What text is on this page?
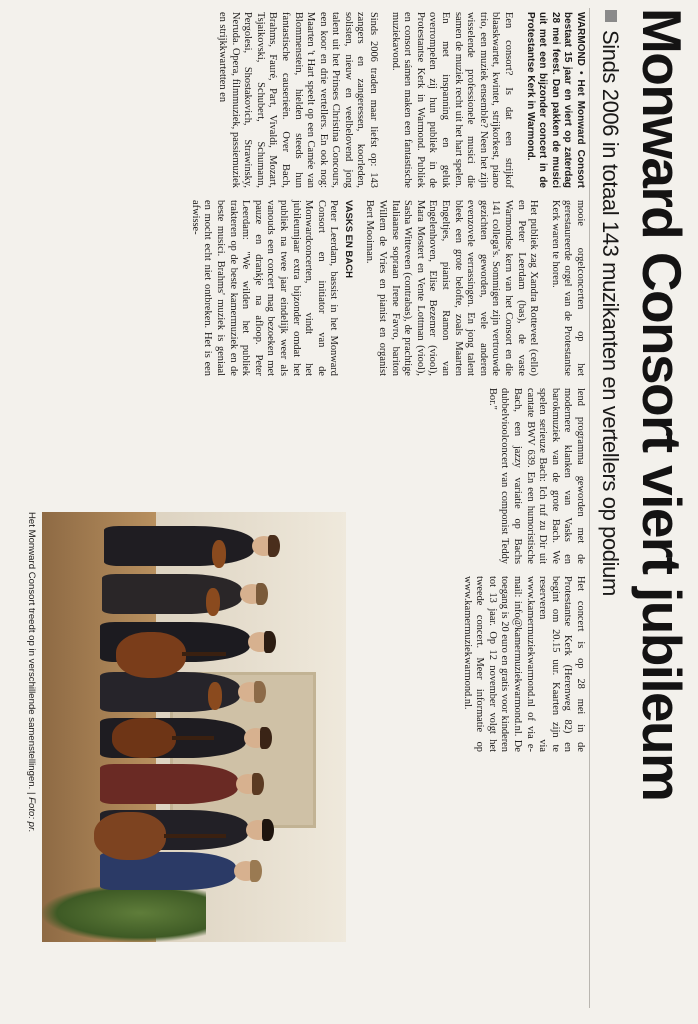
Monward Consort viert jubileum
Sinds 2006 in totaal 143 muzikanten en vertellers op podium

WARMOND • Het Monward Consort bestaat 15 jaar en viert op zaterdag 28 mei feest. Dan pakken de musici uit met een bijzonder concert in de Protestantse Kerk in Warmond.

Een consort? Is dat een strijkof blaaskwartet, kwintet, strijkorkest, piano trio, een muziek ensemble? Neen het zijn wisselende professionele musici die samen de muziek recht uit het hart spelen. En met inspanning en geluk overrompelen zij hun publiek in de Protestantse Kerk in Warmond. Publiek en consort sámen maken een fantastische muziekavond.

Sinds 2006 traden maar liefst op: 143 zangers en zangeressen, koorleden, solisten, nieuw en veelbelovend jong talent uit het Prinses Christina Concours, een koor en drie vertellers. En ook nog: Maarten 't Hart speelt op een Camée van Blommenstein, hielden steeds hun fantastische causerieën. Over Bach, Brahms, Fauré, Part, Vivaldi, Mozart, Tsjaikovski, Schubert, Schumann, Pergolesi, Shostakovich, Strawinsky, Neruda. Opera, filmmuziek, passiemuziek en strijkkwartetten en

mooie orgelconcerten op het gerestaureerde orgel van de Protestantse Kerk waren te horen.

Het publiek zag Xandra Rotteveel (cello) en Peter Leerdam (bas), de vaste Warmondse kern van het Consort en die 141 collega's. Sommigen zijn vertrouwde gezichten geworden, vele anderen evenzovele verrassingen. En jong talent bleek een grote belofte, zoals Maarten Engeltjes, pianist Ramon van Engelenhoven, Elise Bezemer (viool), Mara Mostert en Vente Lottman (viool), Sasha Witteveen (contrabas), de prachtige Italiaanse sopraan Irene Favro, bariton Willem de Vries en pianist en organist Bert Mooiman.

VASKS EN BACH

Peter Leerdam, bassist in het Monward Consort en initiator van de Monwardconcerten, vindt het jubileumjaar extra bijzonder omdat het publiek na twee jaar eindelijk weer als vanouds een concert mag bezoeken met pauze en drankje na afloop. Peter Leerdam: "We wilden het publiek trakteren op de beste kamermuziek en de beste musici. Brahms' muziek is geniaal en mocht echt niet ontbreken. Het is een afwisse-

lend programma geworden met de modernere klanken van Vasks en barokmuziek van de grote Bach. We spelen serieuze Bach: Ich ruf zu Dir uit cantate BWV 639. En een humoristische Bach, een jazzy variatie op Bachs dubbelvioolconcert van componist Teddy Bor."

Het concert is op 28 mei in de Protestantse Kerk (Herenweg 82) en begint om 20.15 uur. Kaarten zijn te reserveren via www.kamermuziekwarmond.nl of via e-mail: info@kamermuziekwarmond.nl. De toegang is 20 euro en gratis voor kinderen tot 13 jaar. Op 12 november volgt het tweede concert. Meer informatie op www.kamermuziekwarmond.nl.

Het Monward Consort treedt op in verschillende samenstellingen. | Foto: pr.
